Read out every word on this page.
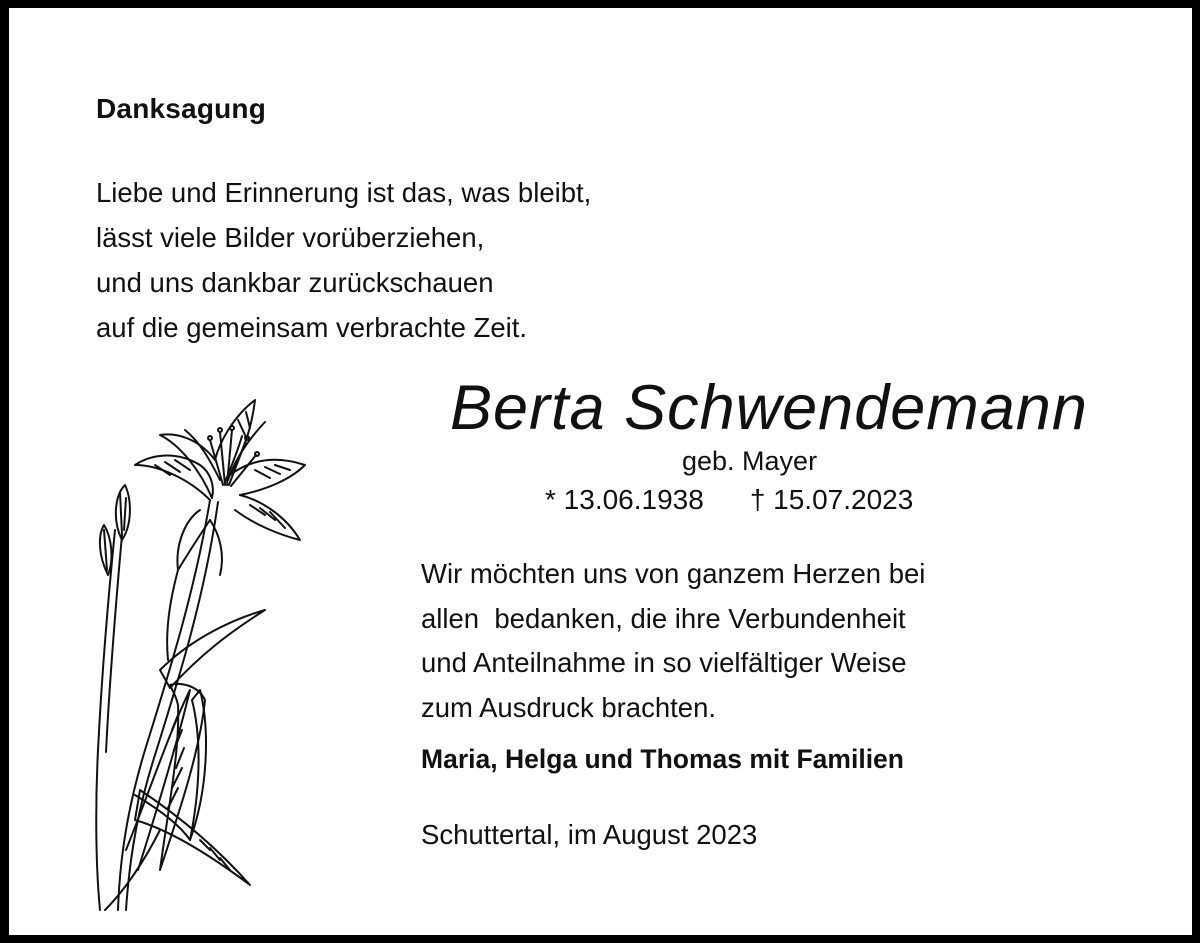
Danksagung
Liebe und Erinnerung ist das, was bleibt,
lässt viele Bilder vorüberziehen,
und uns dankbar zurückschauen
auf die gemeinsam verbrachte Zeit.
Berta Schwendemann
geb. Mayer
* 13.06.1938 † 15.07.2023
Wir möchten uns von ganzem Herzen bei
allen  bedanken, die ihre Verbundenheit
und Anteilnahme in so vielfältiger Weise
zum Ausdruck brachten.
Maria, Helga und Thomas mit Familien
Schuttertal, im August 2023
